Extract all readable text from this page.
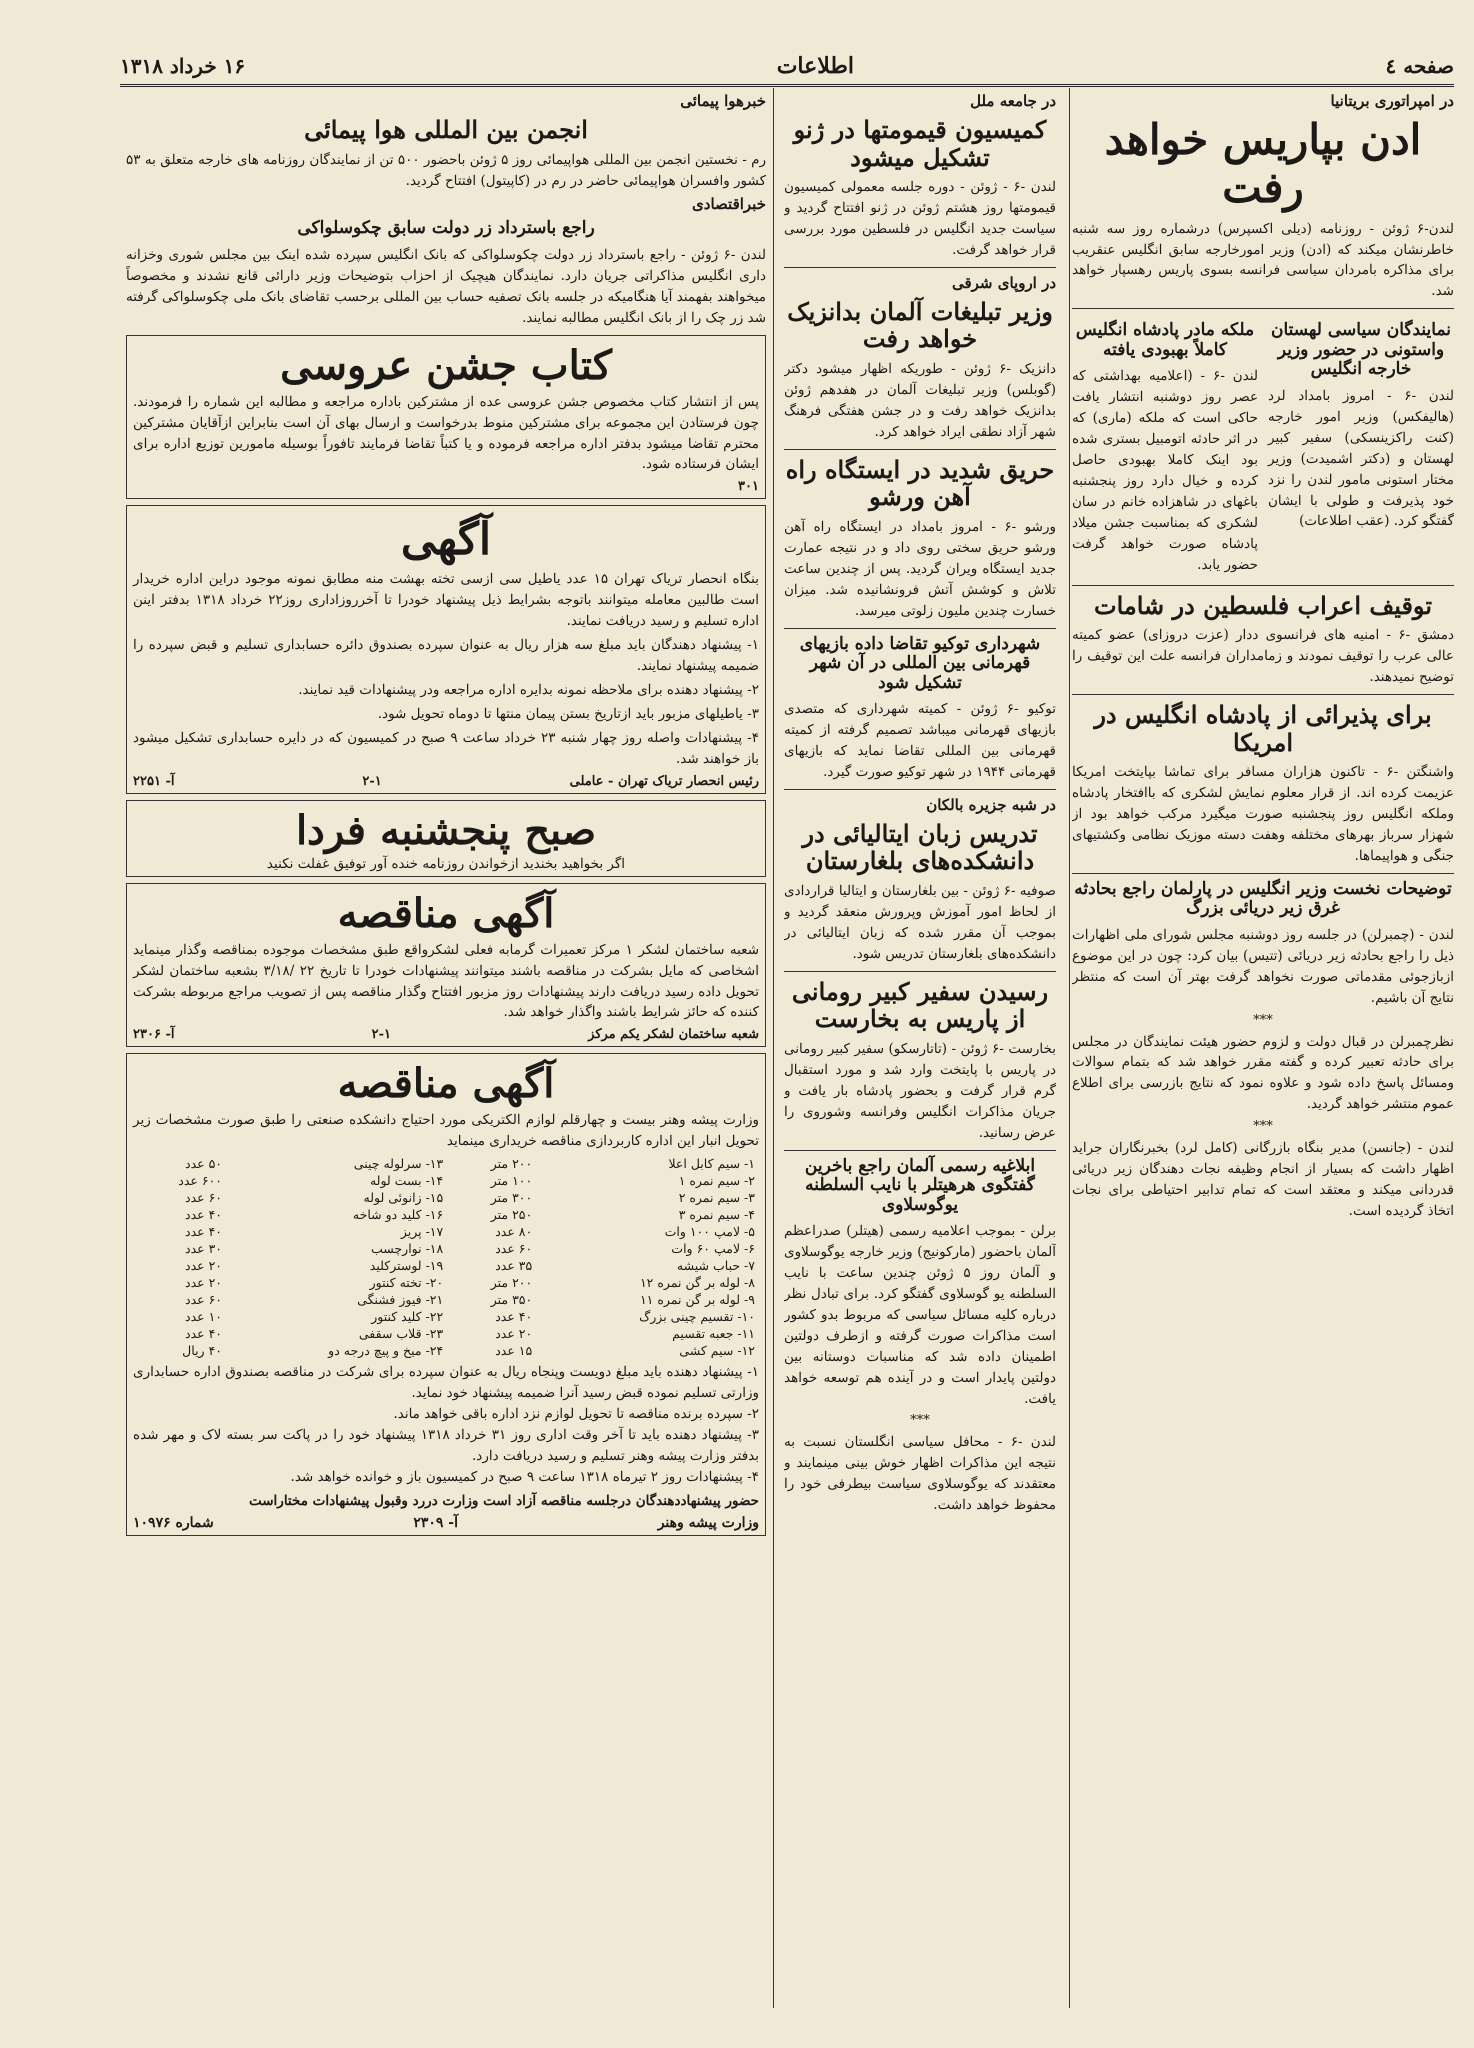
صفحه ٤
اطلاعات
۱۶ خرداد ۱۳۱۸
در امپراتوری بریتانیا
ادن بپاریس خواهد رفت

لندن-۶ ژوئن - روزنامه (دیلی اکسپرس) درشماره روز سه شنبه خاطرنشان میکند که (ادن) وزیر امورخارجه سابق انگلیس عنقریب برای مذاکره بامردان سیاسی فرانسه بسوی پاریس رهسپار خواهد شد.

نمایندگان سیاسی لهستان واستونی در حضور وزیر خارجه انگلیس

لندن -۶ - امروز بامداد لرد (هالیفکس) وزیر امور خارجه (کنت راکزینسکی) سفیر کبیر لهستان و (دکتر اشمیدت) وزیر مختار استونی مامور لندن را نزد خود پذیرفت و طولی با ایشان گفتگو کرد. (عقب اطلاعات)

ملکه مادر پادشاه انگلیس کاملاً بهبودی یافته

لندن -۶ - (اعلامیه بهداشتی که عصر روز دوشنبه انتشار یافت حاکی است که ملکه (ماری) که در اثر حادثه اتومبیل بستری شده بود اینک کاملا بهبودی حاصل کرده و خیال دارد روز پنجشنبه باغهای در شاهزاده خانم در سان لشکری که بمناسبت جشن میلاد پادشاه صورت خواهد گرفت حضور یابد.

توقیف اعراب فلسطین در شامات

دمشق -۶ - امنیه های فرانسوی ددار (عزت دروزای) عضو کمیته عالی عرب را توقیف نمودند و زمامداران فرانسه علت این توقیف را توضیح نمیدهند.

برای پذیرائی از پادشاه انگلیس در امریکا

واشنگتن -۶ - تاکنون هزاران مسافر برای تماشا بپایتخت امریکا عزیمت کرده اند. از قرار معلوم نمایش لشکری که باافتخار پادشاه وملکه انگلیس روز پنجشنبه صورت میگیرد مرکب خواهد بود از شهزار سرباز بهرهای مختلفه وهفت دسته موزیک نظامی وکشتیهای جنگی و هواپیماها.

توضیحات نخست وزیر انگلیس در پارلمان راجع بحادثه غرق زیر دریائی بزرگ

لندن - (چمبرلن) در جلسه روز دوشنبه مجلس شورای ملی اظهارات ذیل را راجع بحادثه زیر دریائی (تتیس) بیان کرد: چون در این موضوع ازبازجوئی مقدماتی صورت نخواهد گرفت بهتر آن است که منتظر نتایج آن باشیم.

***

نظرچمبرلن در قبال دولت و لزوم حضور هیئت نمایندگان در مجلس برای حادثه تعبیر کرده و گفته مقرر خواهد شد که بتمام سوالات ومسائل پاسخ داده شود و علاوه نمود که نتایج بازرسی برای اطلاع عموم منتشر خواهد گردید.

***

لندن - (جانسن) مدیر بنگاه بازرگانی (کامل لرد) بخبرنگاران جراید اظهار داشت که بسیار از انجام وظیفه نجات دهندگان زیر دریائی قدردانی میکند و معتقد است که تمام تدابیر احتیاطی برای نجات اتخاذ گردیده است.

در جامعه ملل
کمیسیون قیمومتها در ژنو تشکیل میشود

لندن -۶ - ژوئن - دوره جلسه معمولی کمیسیون قیمومتها روز هشتم ژوئن در ژنو افتتاح گردید و سیاست جدید انگلیس در فلسطین مورد بررسی قرار خواهد گرفت.

در اروپای شرقی
وزیر تبلیغات آلمان بدانزیک خواهد رفت

دانزیک -۶ ژوئن - طوریکه اظهار میشود دکتر (گوبلس) وزیر تبلیغات آلمان در هفدهم ژوئن بدانزیک خواهد رفت و در جشن هفتگی فرهنگ شهر آزاد نطقی ایراد خواهد کرد.

حریق شدید در ایستگاه راه آهن ورشو

ورشو -۶ - امروز بامداد در ایستگاه راه آهن ورشو حریق سختی روی داد و در نتیجه عمارت جدید ایستگاه ویران گردید. پس از چندین ساعت تلاش و کوشش آتش فرونشانیده شد. میزان خسارت چندین ملیون زلوتی میرسد.

شهرداری توکیو تقاضا داده بازیهای قهرمانی بین المللی در آن شهر تشکیل شود

توکیو -۶ ژوئن - کمیته شهرداری که متصدی بازیهای قهرمانی میباشد تصمیم گرفته از کمیته قهرمانی بین المللی تقاضا نماید که بازیهای قهرمانی ۱۹۴۴ در شهر توکیو صورت گیرد.

در شبه جزیره بالکان
تدریس زبان ایتالیائی در دانشکده‌های بلغارستان

صوفیه -۶ ژوئن - بین بلغارستان و ایتالیا قراردادی از لحاظ امور آموزش وپرورش منعقد گردید و بموجب آن مقرر شده که زبان ایتالیائی در دانشکده‌های بلغارستان تدریس شود.

رسیدن سفیر کبیر رومانی از پاریس به بخارست

بخارست -۶ ژوئن - (تاتارسکو) سفیر کبیر رومانی در پاریس با پایتخت وارد شد و مورد استقبال گرم قرار گرفت و بحضور پادشاه بار یافت و جریان مذاکرات انگلیس وفرانسه وشوروی را عرض رسانید.

ابلاغیه رسمی آلمان راجع باخرین گفتگوی هرهیتلر با نایب السلطنه یوگوسلاوی

برلن - بموجب اعلامیه رسمی (هیتلر) صدراعظم آلمان باحضور (مارکونیج) وزیر خارجه یوگوسلاوی و آلمان روز ۵ ژوئن چندین ساعت با نایب السلطنه یو گوسلاوی گفتگو کرد. برای تبادل نظر درباره کلیه مسائل سیاسی که مربوط بدو کشور است مذاکرات صورت گرفته و ازطرف دولتین اطمینان داده شد که مناسبات دوستانه بین دولتین پایدار است و در آینده هم توسعه خواهد یافت.

***

لندن -۶ - محافل سیاسی انگلستان نسبت به نتیجه این مذاکرات اظهار خوش بینی مینمایند و معتقدند که یوگوسلاوی سیاست بیطرفی خود را محفوظ خواهد داشت.

خبرهوا پیمائی
انجمن بین المللی هوا پیمائی

رم - نخستین انجمن بین المللی هواپیمائی روز ۵ ژوئن باحضور ۵۰۰ تن از نمایندگان روزنامه های خارجه متعلق به ۵۳ کشور وافسران هواپیمائی حاضر در رم در (کاپیتول) افتتاح گردید.

خبراقتصادی
راجع باسترداد زر دولت سابق چکوسلواکی

لندن -۶ ژوئن - راجع باسترداد زر دولت چکوسلواکی که بانک انگلیس سپرده شده اینک بین مجلس شوری وخزانه داری انگلیس مذاکراتی جریان دارد. نمایندگان هیچیک از احزاب بتوضیحات وزیر دارائی قانع نشدند و مخصوصاً میخواهند بفهمند آیا هنگامیکه در جلسه بانک تصفیه حساب بین المللی برحسب تقاضای بانک ملی چکوسلواکی گرفته شد زر چک را از بانک انگلیس مطالبه نمایند.

کتاب جشن عروسی

پس از انتشار کتاب مخصوص جشن عروسی عده از مشترکین باداره مراجعه و مطالبه این شماره را فرمودند. چون فرستادن این مجموعه برای مشترکین منوط بدرخواست و ارسال بهای آن است بنابراین ازآقایان مشترکین محترم تقاضا میشود بدفتر اداره مراجعه فرموده و یا کتباً تقاضا فرمایند تافوراً بوسیله مامورین توزیع اداره برای ایشان فرستاده شود.

۳۰۱
آگهی

بنگاه انحصار تریاک تهران ۱۵ عدد یاطیل سی ازسی تخته بهشت منه مطابق نمونه موجود دراین اداره خریدار است طالبین معامله میتوانند باتوجه بشرایط ذیل پیشنهاد خودرا تا آخرروزاداری روز۲۲ خرداد ۱۳۱۸ بدفتر اینن اداره تسلیم و رسید دریافت نمایند.

۱- پیشنهاد دهندگان باید مبلغ سه هزار ریال به عنوان سپرده بصندوق دائره حسابداری تسلیم و قبض سپرده را ضمیمه پیشنهاد نمایند.

۲- پیشنهاد دهنده برای ملاحظه نمونه بدایره اداره مراجعه ودر پیشنهادات قید نمایند.

۳- یاطیلهای مزبور باید ازتاریخ بستن پیمان منتها تا دوماه تحویل شود.

۴- پیشنهادات واصله روز چهار شنبه ۲۳ خرداد ساعت ۹ صبح در کمیسیون که در دایره حسابداری تشکیل میشود باز خواهند شد.

رئیس انحصار تریاک تهران - عاملی
۲-۱
آ- ۲۲۵۱
صبح پنجشنبه فردا
اگر بخواهید بخندید ازخواندن روزنامه خنده آور توفیق غفلت نکنید
آگهی مناقصه

شعبه ساختمان لشکر ۱ مرکز تعمیرات گرمابه فعلی لشکرواقع طبق مشخصات موجوده بمناقصه وگذار مینماید اشخاصی که مایل بشرکت در مناقصه باشند میتوانند پیشنهادات خودرا تا تاریخ ۲۲ /۳/۱۸ بشعبه ساختمان لشکر تحویل داده رسید دریافت دارند پیشنهادات روز مزبور افتتاح وگذار مناقصه پس از تصویب مراجع مربوطه بشرکت کننده که حائز شرایط باشند واگذار خواهد شد.

شعبه ساختمان لشکر یکم مرکز
۲-۱
آ- ۲۳۰۶
آگهی مناقصه

وزارت پیشه وهنر بیست و چهارقلم لوازم الکتریکی مورد احتیاج دانشکده صنعتی را طبق صورت مشخصات زیر تحویل انبار این اداره کاربردازی مناقصه خریداری مینماید

۱- سیم کابل اعلا	۲۰۰ متر	۱۳- سرلوله چینی	۵۰ عدد
۲- سیم نمره ۱	۱۰۰ متر	۱۴- بست لوله	۶۰۰ عدد
۳- سیم نمره ۲	۳۰۰ متر	۱۵- زانوئی لوله	۶۰ عدد
۴- سیم نمره ۳	۲۵۰ متر	۱۶- کلید دو شاخه	۴۰ عدد
۵- لامپ ۱۰۰ وات	۸۰ عدد	۱۷- پریز	۴۰ عدد
۶- لامپ ۶۰ وات	۶۰ عدد	۱۸- نوارچسب	۳۰ عدد
۷- حباب شیشه	۳۵ عدد	۱۹- لوسترکلید	۲۰ عدد
۸- لوله بر گن نمره ۱۲	۲۰۰ متر	۲۰- تخته کنتور	۲۰ عدد
۹- لوله بر گن نمره ۱۱	۳۵۰ متر	۲۱- فیوز فشنگی	۶۰ عدد
۱۰- تقسیم چینی بزرگ	۴۰ عدد	۲۲- کلید کنتور	۱۰ عدد
۱۱- جعبه تقسیم	۲۰ عدد	۲۳- قلاب سقفی	۴۰ عدد
۱۲- سیم کشی	۱۵ عدد	۲۴- میخ و پیچ درجه دو	۴۰ ریال

۱- پیشنهاد دهنده باید مبلغ دویست وپنجاه ریال به عنوان سپرده برای شرکت در مناقصه بصندوق اداره حسابداری وزارتی تسلیم نموده قبض رسید آنرا ضمیمه پیشنهاد خود نماید.
۲- سپرده برنده مناقصه تا تحویل لوازم نزد اداره باقی خواهد ماند.
۳- پیشنهاد دهنده باید تا آخر وقت اداری روز ۳۱ خرداد ۱۳۱۸ پیشنهاد خود را در پاکت سر بسته لاک و مهر شده بدفتر وزارت پیشه وهنر تسلیم و رسید دریافت دارد.
۴- پیشنهادات روز ۲ تیرماه ۱۳۱۸ ساعت ۹ صبح در کمیسیون باز و خوانده خواهد شد.

حضور پیشنهاددهندگان درجلسه مناقصه آزاد است وزارت دررد وقبول پیشنهادات مختاراست

وزارت پیشه وهنر
آ- ۲۳۰۹
شماره ۱۰۹۷۶
